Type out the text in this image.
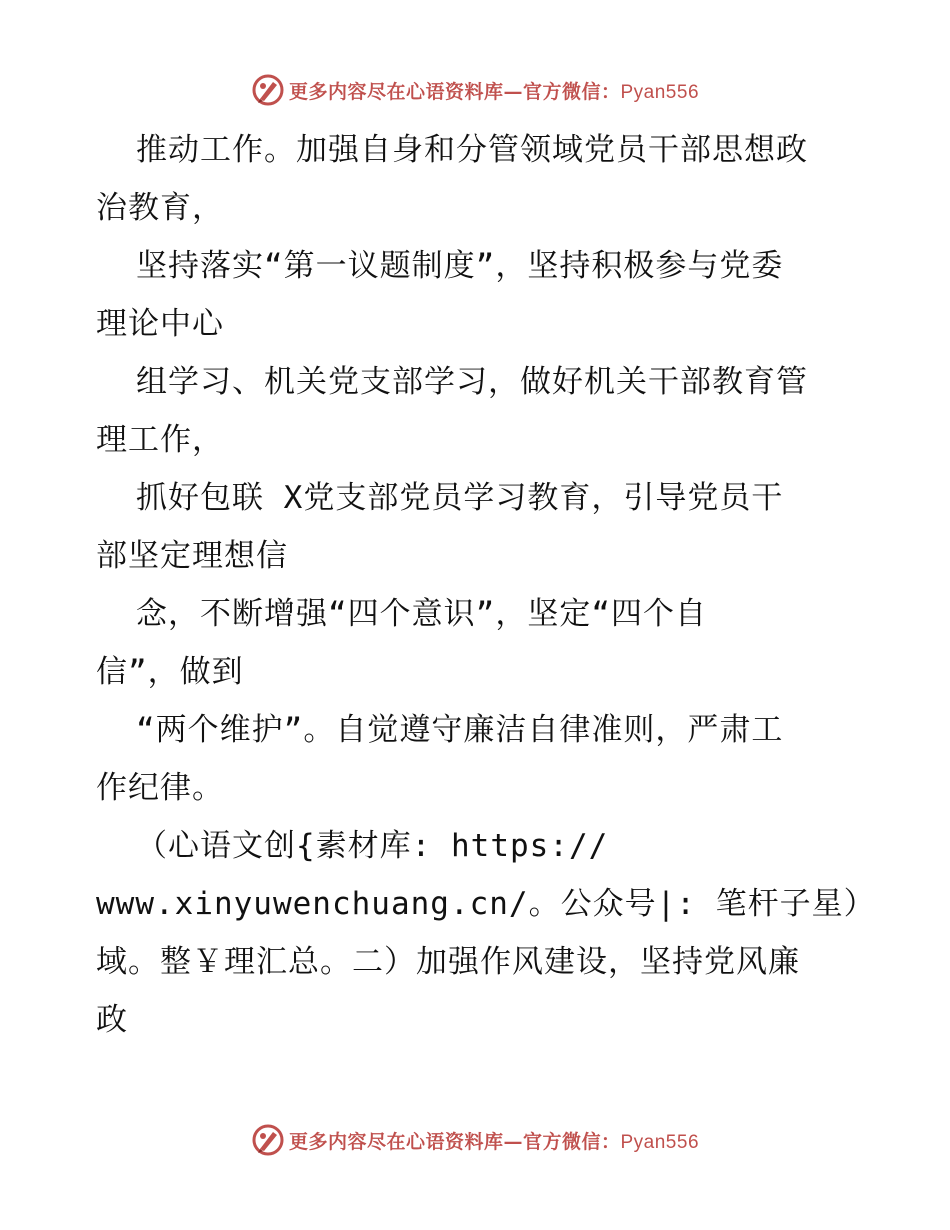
更多内容尽在心语资料库—官方微信：Pyan556
推动工作。加强自身和分管领域党员干部思想政
治教育，
坚持落实“第一议题制度”，坚持积极参与党委
理论中心
组学习、机关党支部学习，做好机关干部教育管
理工作，
抓好包联 X党支部党员学习教育，引导党员干
部坚定理想信
念，不断增强“四个意识”，坚定“四个自
信”，做到
“两个维护”。自觉遵守廉洁自律准则，严肃工
作纪律。
（心语文创{素材库: https://
www.xinyuwenchuang.cn/。公众号|: 笔杆子星）
域。整￥理汇总。二）加强作风建设，坚持党风廉
政
更多内容尽在心语资料库—官方微信：Pyan556
